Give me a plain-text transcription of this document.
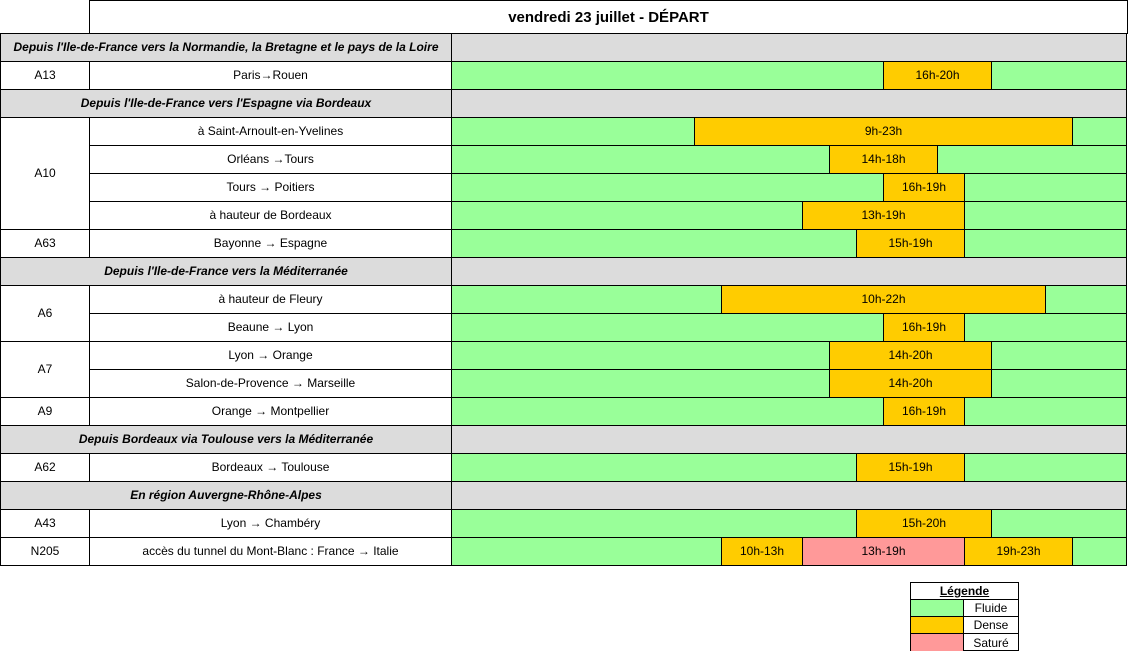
vendredi 23 juillet - DÉPART
Depuis l'Ile-de-France vers la Normandie, la Bretagne et le pays de la Loire
A13	Paris→Rouen	16h-20h
Depuis l'Ile-de-France vers l'Espagne via Bordeaux
A10
à Saint-Arnoult-en-Yvelines	9h-23h
Orléans →Tours	14h-18h
Tours → Poitiers	16h-19h
à hauteur de Bordeaux	13h-19h
A63	Bayonne → Espagne	15h-19h
Depuis l'Ile-de-France vers la Méditerranée
A6
à hauteur de Fleury	10h-22h
Beaune → Lyon	16h-19h
A7
Lyon → Orange	14h-20h
Salon-de-Provence → Marseille	14h-20h
A9	Orange → Montpellier	16h-19h
Depuis Bordeaux via Toulouse vers la Méditerranée
A62	Bordeaux → Toulouse	15h-19h
En région Auvergne-Rhône-Alpes
A43	Lyon → Chambéry	15h-20h
N205	accès du tunnel du Mont-Blanc : France → Italie	10h-13h	13h-19h	19h-23h
Légende
Fluide
Dense
Saturé
